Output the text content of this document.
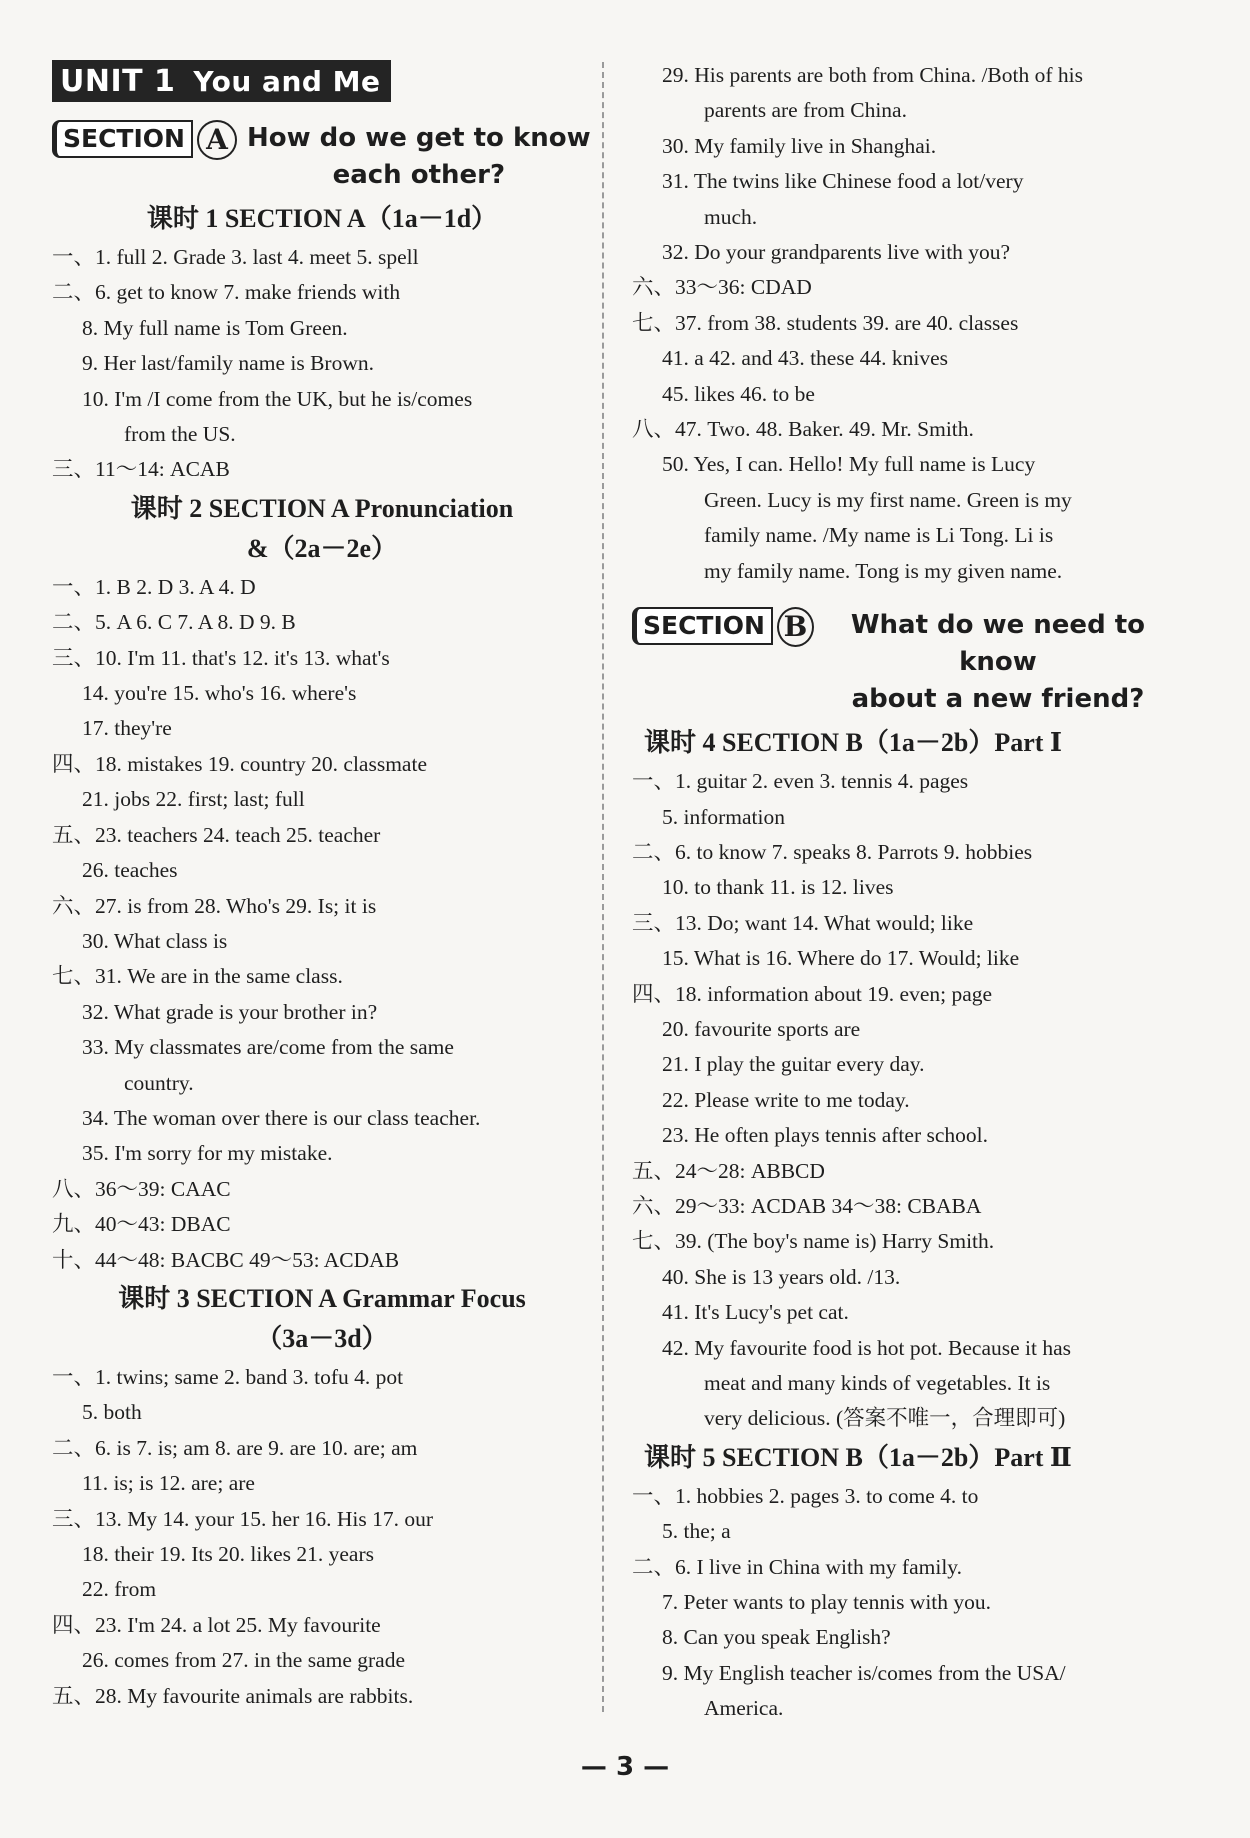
UNIT 1 You and Me
SECTION A How do we get to know
each other?
课时 1 SECTION A（1a－1d）
一、1. full 2. Grade 3. last 4. meet 5. spell
二、6. get to know 7. make friends with
8. My full name is Tom Green.
9. Her last/family name is Brown.
10. I'm /I come from the UK, but he is/comes
from the US.
三、11～14: ACAB
课时 2 SECTION A Pronunciation
&（2a－2e）
一、1. B 2. D 3. A 4. D
二、5. A 6. C 7. A 8. D 9. B
三、10. I'm 11. that's 12. it's 13. what's
14. you're 15. who's 16. where's
17. they're
四、18. mistakes 19. country 20. classmate
21. jobs 22. first; last; full
五、23. teachers 24. teach 25. teacher
26. teaches
六、27. is from 28. Who's 29. Is; it is
30. What class is
七、31. We are in the same class.
32. What grade is your brother in?
33. My classmates are/come from the same
country.
34. The woman over there is our class teacher.
35. I'm sorry for my mistake.
八、36～39: CAAC
九、40～43: DBAC
十、44～48: BACBC 49～53: ACDAB
课时 3 SECTION A Grammar Focus
（3a－3d）
一、1. twins; same 2. band 3. tofu 4. pot
5. both
二、6. is 7. is; am 8. are 9. are 10. are; am
11. is; is 12. are; are
三、13. My 14. your 15. her 16. His 17. our
18. their 19. Its 20. likes 21. years
22. from
四、23. I'm 24. a lot 25. My favourite
26. comes from 27. in the same grade
五、28. My favourite animals are rabbits.
29. His parents are both from China. /Both of his
parents are from China.
30. My family live in Shanghai.
31. The twins like Chinese food a lot/very
much.
32. Do your grandparents live with you?
六、33～36: CDAD
七、37. from 38. students 39. are 40. classes
41. a 42. and 43. these 44. knives
45. likes 46. to be
八、47. Two. 48. Baker. 49. Mr. Smith.
50. Yes, I can. Hello! My full name is Lucy
Green. Lucy is my first name. Green is my
family name. /My name is Li Tong. Li is
my family name. Tong is my given name.
SECTION B	What do we need to know
about a new friend?
课时 4 SECTION B（1a－2b）Part Ⅰ
一、1. guitar 2. even 3. tennis 4. pages
5. information
二、6. to know 7. speaks 8. Parrots 9. hobbies
10. to thank 11. is 12. lives
三、13. Do; want 14. What would; like
15. What is 16. Where do 17. Would; like
四、18. information about 19. even; page
20. favourite sports are
21. I play the guitar every day.
22. Please write to me today.
23. He often plays tennis after school.
五、24～28: ABBCD
六、29～33: ACDAB 34～38: CBABA
七、39. (The boy's name is) Harry Smith.
40. She is 13 years old. /13.
41. It's Lucy's pet cat.
42. My favourite food is hot pot. Because it has
meat and many kinds of vegetables. It is
very delicious. (答案不唯一，合理即可)
课时 5 SECTION B（1a－2b）Part Ⅱ
一、1. hobbies 2. pages 3. to come 4. to
5. the; a
二、6. I live in China with my family.
7. Peter wants to play tennis with you.
8. Can you speak English?
9. My English teacher is/comes from the USA/
America.
— 3 —
